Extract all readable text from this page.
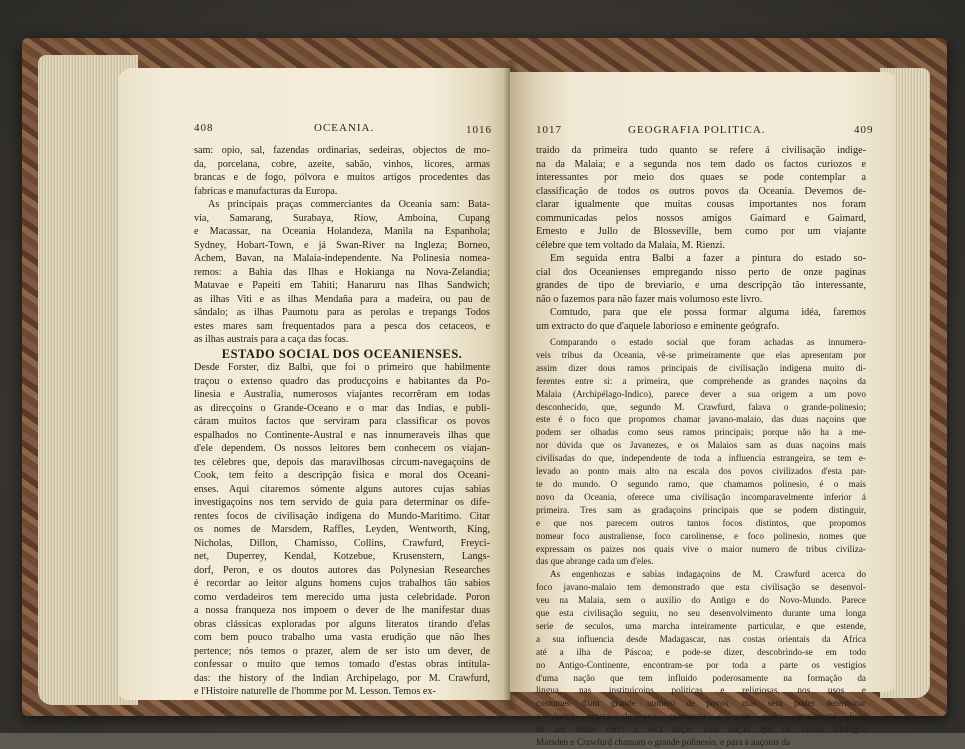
408	OCEANIA.	1016
sam: opio, sal, fazendas ordinarias, sedeiras, objectos de mo-
da, porcelana, cobre, azeite, sabão, vinhos, licores, armas
brancas e de fogo, pólvora e muitos artigos procedentes das
fabricas e manufacturas da Europa.
As principais praças commerciantes da Oceania sam: Bata-
via, Samarang, Surabaya, Riow, Amboina, Cupang
e Macassar, na Oceania Holandeza, Manila na Espanhola;
Sydney, Hobart-Town, e já Swan-River na Ingleza; Borneo,
Achem, Bavan, na Malaia-independente. Na Polinesia nomea-
remos: a Bahia das Ilhas e Hokianga na Nova-Zelandia;
Matavae e Papeiti em Tahiti; Hanaruru nas Ilhas Sandwich;
as ilhas Viti e as ilhas Mendaña para a madeira, ou pau de
sândalo; as ilhas Paumotu para as perolas e trepangs Todos
estes mares sam frequentados para a pesca dos cetaceos, e
as ilhas austrais para a caça das focas.
ESTADO SOCIAL DOS OCEANIENSES.
Desde Forster, diz Balbi, que foi o primeiro que habilmente
traçou o extenso quadro das producçoins e habitantes da Po-
linesia e Australia, numerosos viajantes recorrêram em todas
as direcçoins o Grande-Oceano e o mar das Indias, e publi-
cáram muitos factos que serviram para classificar os povos
espalhados no Continente-Austral e nas innumeraveis ilhas que
d'ele dependem. Os nossos leitores bem conhecem os viajan-
tes célebres que, depois das maravilhosas circum-navegaçoins de
Cook, tem feito a descripção fisica e moral dos Oceani-
enses. Aqui citaremos sómente alguns autores cujas sabias
investigaçoins nos tem servido de guia para determinar os dife-
rentes focos de civilisação indigena do Mundo-Maritimo. Citar
os nomes de Marsdem, Raffles, Leyden, Wentworth, King,
Nicholas, Dillon, Chamisso, Collins, Crawfurd, Freyci-
net, Duperrey, Kendal, Kotzebue, Krusenstern, Langs-
dorf, Peron, e os doutos autores das Polynesian Researches
é recordar ao leitor alguns homens cujos trabalhos tão sabios
como verdadeiros tem merecido uma justa celebridade. Poron
a nossa franqueza nos impoem o dever de lhe manifestar duas
obras clássicas exploradas por alguns literatos tirando d'elas
com bem pouco trabalho uma vasta erudição que não lhes
pertence; nós temos o prazer, alem de ser isto um dever, de
confessar o muito que temos tomado d'estas obras intitula-
das: the history of the Indian Archipelago, por M. Crawfurd,
e l'Histoire naturelle de l'homme por M. Lesson. Temos ex-
1017	GEOGRAFIA POLITICA.	409
traido da primeira tudo quanto se refere á civilisação indige-
na da Malaia; e a segunda nos tem dado os factos curiozos e
interessantes por meio dos quaes se pode contemplar a
classificação de todos os outros povos da Oceania. Devemos de-
clarar igualmente que muitas cousas importantes nos foram
communicadas pelos nossos amigos Gaimard e Gaimard,
Ernesto e Jullo de Blosseville, bem como por um viajante
célebre que tem voltado da Malaia, M. Rienzi.
Em seguida entra Balbi a fazer a pintura do estado so-
cial dos Oceanienses empregando nisso perto de onze paginas
grandes de tipo de breviario, e uma descripção tão interessante,
não o fazemos para não fazer mais volumoso este livro.
Comtudo, para que ele possa formar alguma idéa, faremos
um extracto do que d'aquele laborioso e eminente geógrafo.
Comparando o estado social que foram achadas as innumera-
veis tribus da Oceania, vê-se primeiramente que elas apresentam por
assim dizer dous ramos principais de civilisação indigena muito di-
ferentes entre si: a primeira, que comprehende as grandes naçoins da
Malaia (Archipélago-Indico), parece dever a sua origem a um povo
desconhecido, que, segundo M. Crawfurd, falava o grande-polinesio;
este é o foco que propomos chamar javano-malaio, das duas naçoins que
podem ser olhadas como seus ramos principais; porque não ha a me-
nor dúvida que os Javanezes, e os Malaios sam as duas naçoins mais
civilisadas do que, independente de toda a influencia estrangeira, se tem e-
levado ao ponto mais alto na escala dos povos civilizados d'esta par-
te do mundo. O segundo ramo, que chamamos polinesio, é o mais
novo da Oceania, oferece uma civilisação incomparavelmente inferior á
primeira. Tres sam as gradaçoins principais que se podem distinguir,
e que nos parecem outros tantos focos distintos, que propomos
nomear foco australiense, foco carolinense, e foco polinesio, nomes que
expressam os paizes nos quais vive o maior numero de tribus civiliza-
das que abrange cada um d'eles.
As engenhozas e sabias indagaçoins de M. Crawfurd acerca do
foco javano-malaio tem demonstrado que esta civilisação se desenvol-
veu na Malaia, sem o auxilio do Antigo e do Novo-Mundo. Parece
que esta civilisação seguiu, no seu desenvolvimento durante uma longa
serie de seculos, uma marcha inteiramente particular, e que estende,
a sua influencia desde Madagascar, nas costas orientais da Africa
até a ilha de Páscoa; e pode-se dizer, descobrindo-se em todo
no Antigo-Continente, encontram-se por toda a parte os vestigios
d'uma nação que tem influido poderosamente na formação da
lingua, nas instituiçoins politicas e religiosas, nos usos e
costumes d'um grande numero de povos, mas sem poder determinar
a época exacta da sua existencia e sem poder igualmente ligar
de um modo certo a esta nação uma nação que os sabios filologos
Marsden e Crawfurd chamam o grande polinesio, e para a naçoins da
